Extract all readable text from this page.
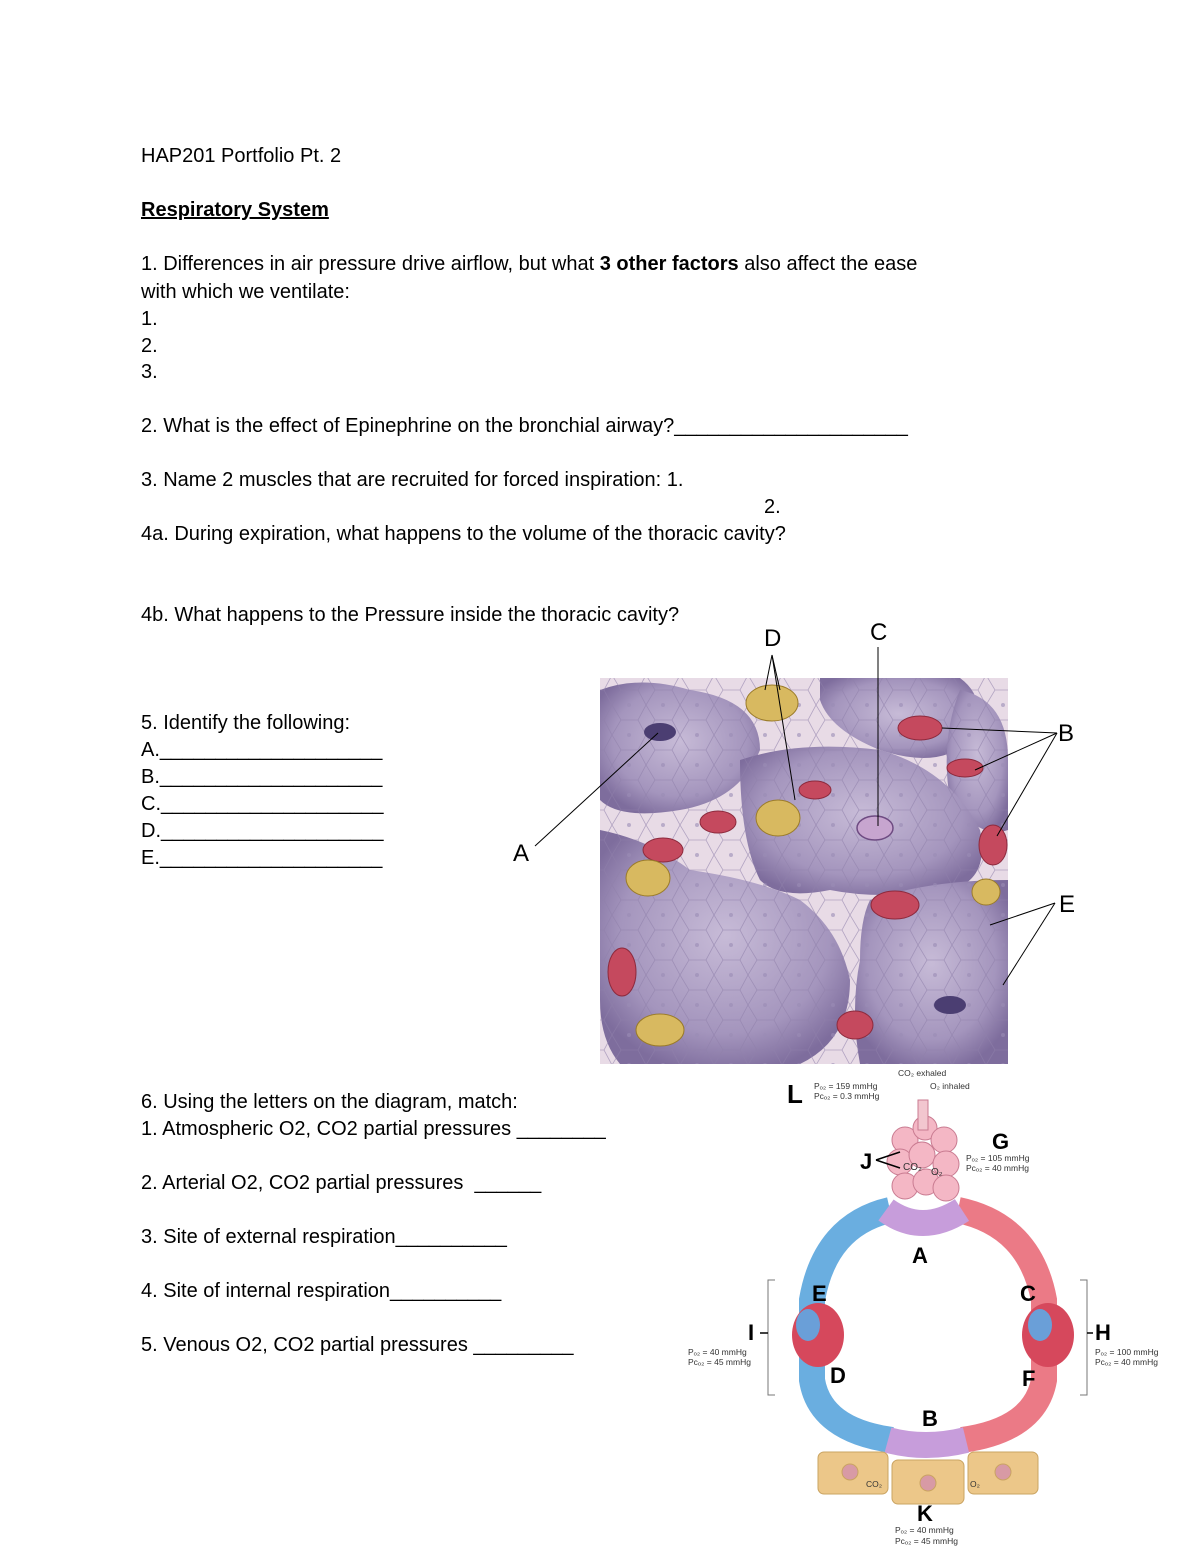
HAP201 Portfolio Pt. 2
Respiratory System
1. Differences in air pressure drive airflow, but what 3 other factors also affect the ease
with which we ventilate:
1.
2.
3.
2. What is the effect of Epinephrine on the bronchial airway?_____________________
3. Name 2 muscles that are recruited for forced inspiration: 1.
2.
4a. During expiration, what happens to the volume of the thoracic cavity?
4b. What happens to the Pressure inside the thoracic cavity?
5. Identify the following:
A.____________________
B.____________________
C.____________________
D.____________________
E.____________________
6. Using the letters on the diagram, match:
1. Atmospheric O2, CO2 partial pressures ________
2. Arterial O2, CO2 partial pressures  ______
3. Site of external respiration__________
4. Site of internal respiration__________
5. Venous O2, CO2 partial pressures _________
A
B
C
D
E
L Pₒ₂ = 159 mmHg
Pᴄₒ₂ = 0.3 mmHg
CO₂ exhaled
O₂ inhaled
G
Pₒ₂ = 105 mmHg
Pᴄₒ₂ = 40 mmHg
J	CO₂ O₂
A
E	C
I
Pₒ₂ = 40 mmHg
Pᴄₒ₂ = 45 mmHg
H
Pₒ₂ = 100 mmHg
Pᴄₒ₂ = 40 mmHg
D	F
B
CO₂	O₂
K
Pₒ₂ = 40 mmHg
Pᴄₒ₂ = 45 mmHg
